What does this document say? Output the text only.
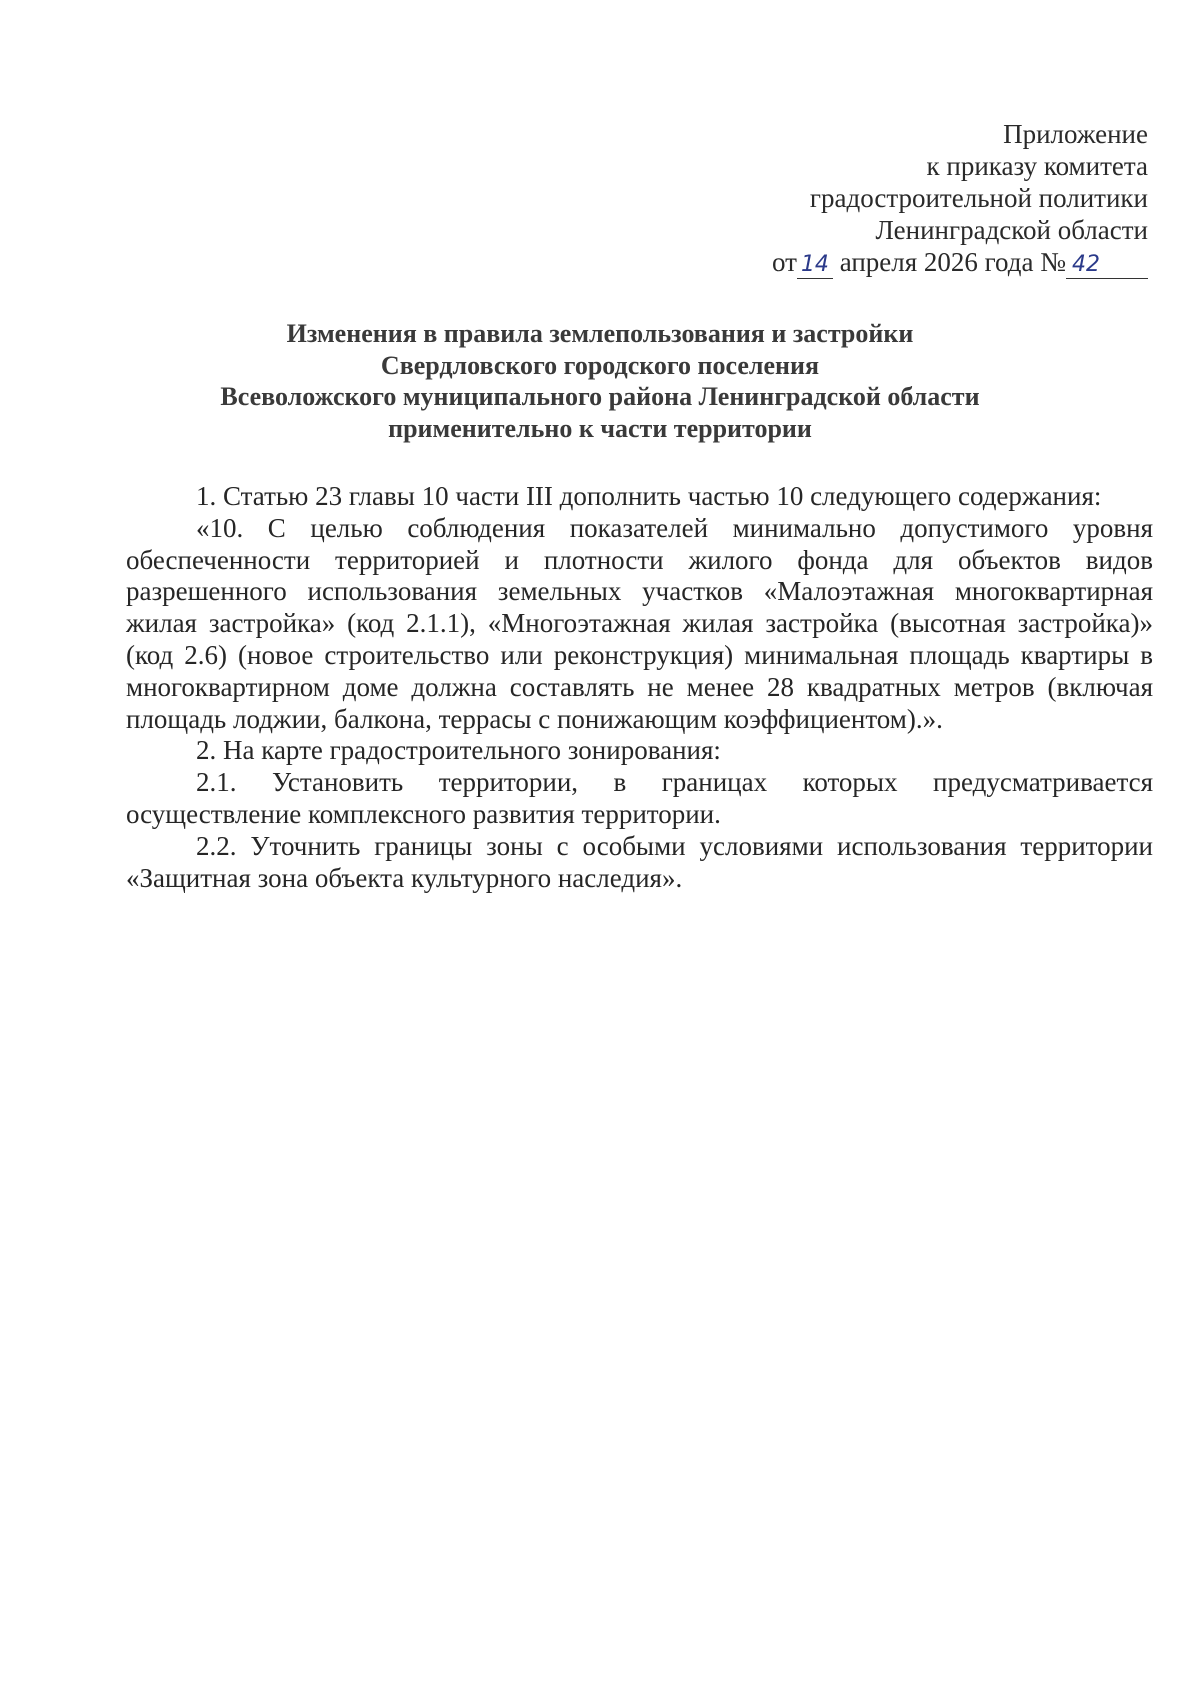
Приложение
к приказу комитета
градостроительной политики
Ленинградской области
от 14 апреля 2026 года № 42
Изменения в правила землепользования и застройки
Свердловского городского поселения
Всеволожского муниципального района Ленинградской области
применительно к части территории

1. Статью 23 главы 10 части III дополнить частью 10 следующего содержания:

«10. С целью соблюдения показателей минимально допустимого уровня обеспеченности территорией и плотности жилого фонда для объектов видов разрешенного использования земельных участков «Малоэтажная многоквартирная жилая застройка» (код 2.1.1), «Многоэтажная жилая застройка (высотная застройка)» (код 2.6) (новое строительство или реконструкция) минимальная площадь квартиры в многоквартирном доме должна составлять не менее 28 квадратных метров (включая площадь лоджии, балкона, террасы с понижающим коэффициентом).».

2. На карте градостроительного зонирования:

2.1. Установить территории, в границах которых предусматривается осуществление комплексного развития территории.

2.2. Уточнить границы зоны с особыми условиями использования территории «Защитная зона объекта культурного наследия».
